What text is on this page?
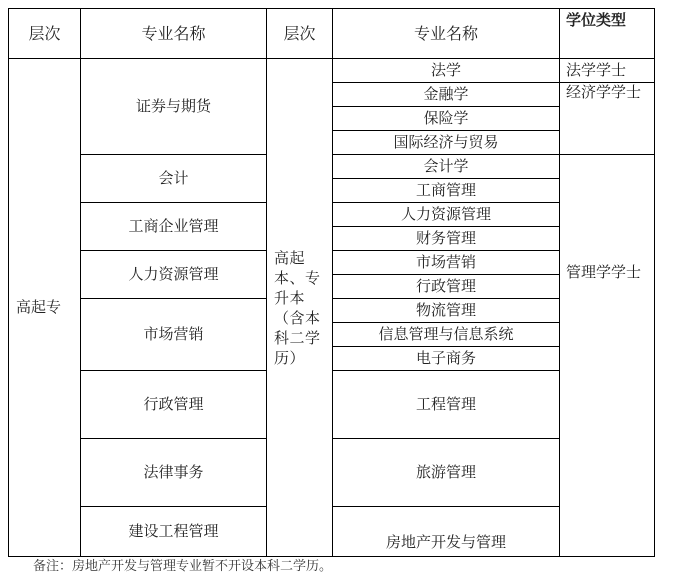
层次	专业名称	层次	专业名称	学位类型
高起专	证券与期货	高起本、专升本（含本科二学历）	法学	法学学士
			金融学	经济学学士
			保险学	
			国际经济与贸易	
	会计		会计学	管理学学士
			工商管理	
	工商企业管理		人力资源管理	
			财务管理	
	人力资源管理		市场营销	
			行政管理	
	市场营销		物流管理	
			信息管理与信息系统	
			电子商务	
	行政管理		工程管理	
	法律事务		旅游管理	
	建设工程管理		房地产开发与管理	
备注：房地产开发与管理专业暂不开设本科二学历。
